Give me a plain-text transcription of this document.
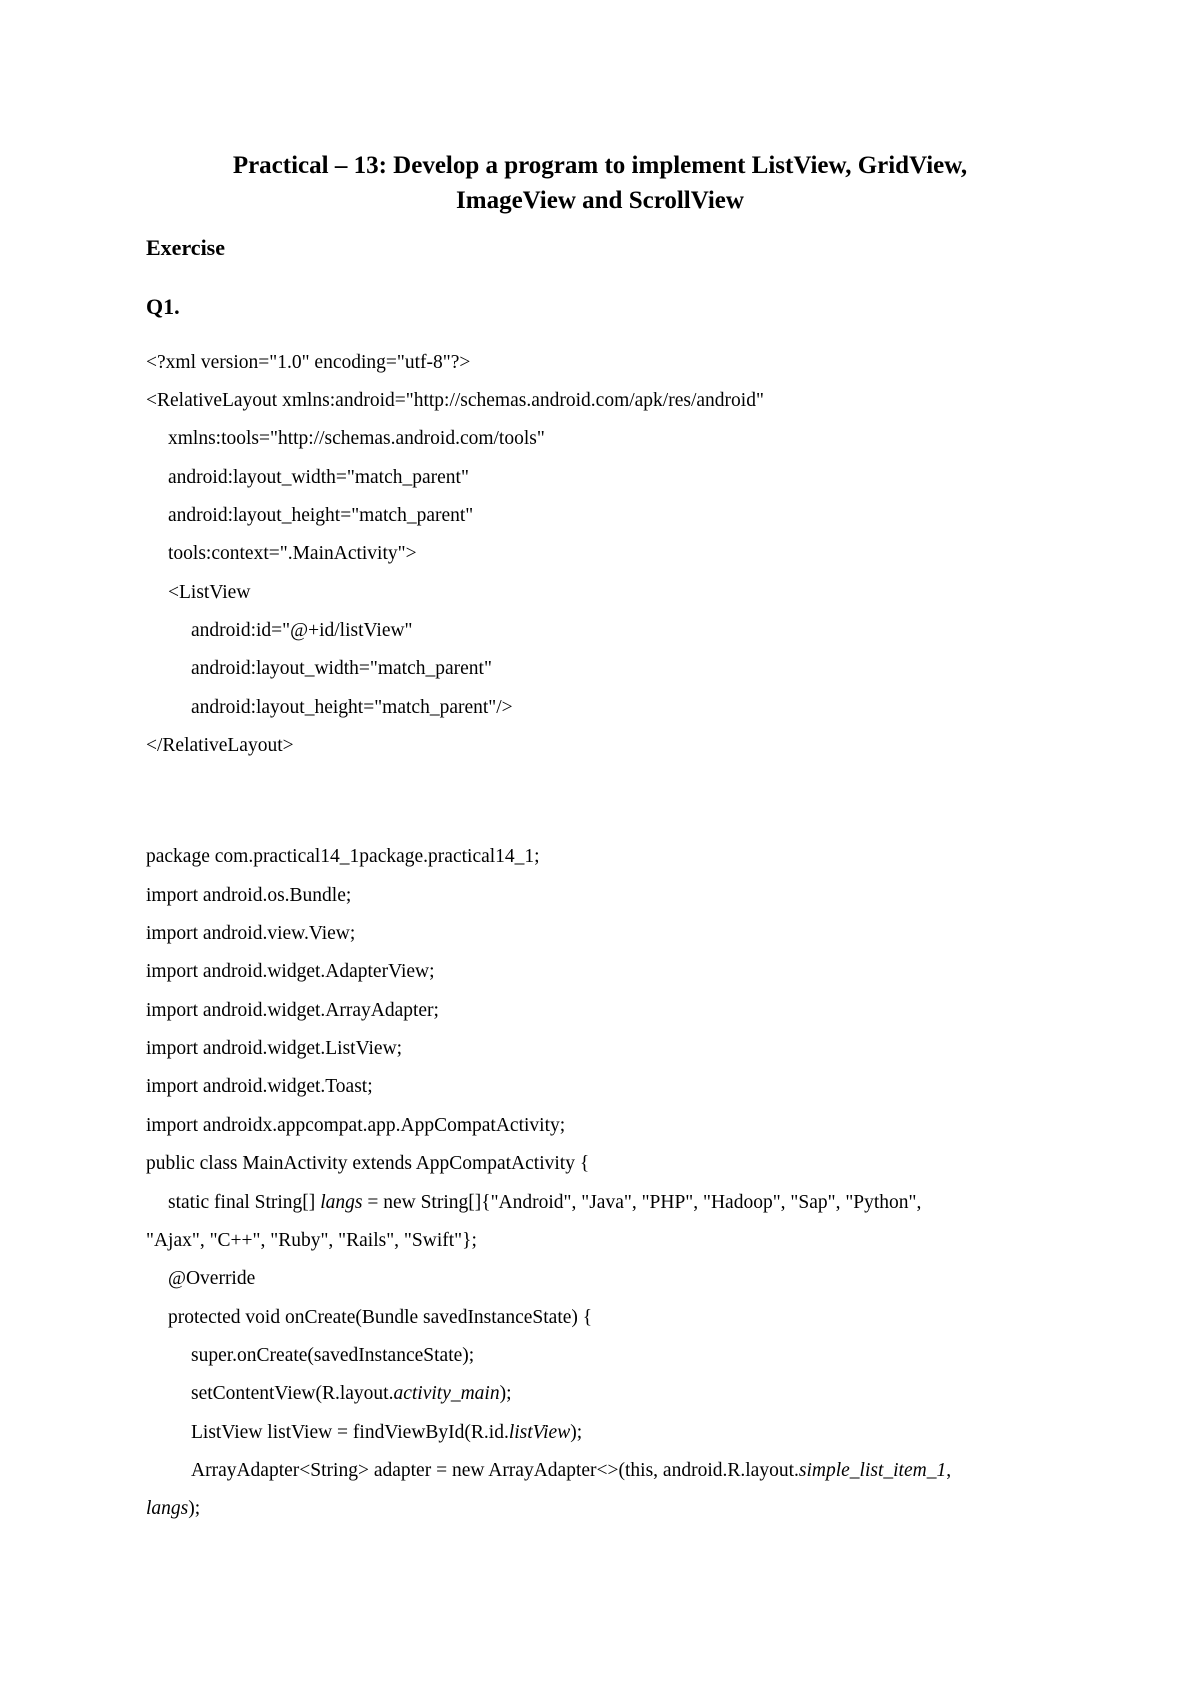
Practical – 13: Develop a program to implement ListView, GridView,
ImageView and ScrollView
Exercise
Q1.
<?xml version="1.0" encoding="utf-8"?>
<RelativeLayout xmlns:android="http://schemas.android.com/apk/res/android"
xmlns:tools="http://schemas.android.com/tools"
android:layout_width="match_parent"
android:layout_height="match_parent"
tools:context=".MainActivity">
<ListView
android:id="@+id/listView"
android:layout_width="match_parent"
android:layout_height="match_parent"/>
</RelativeLayout>
package com.practical14_1package.practical14_1;
import android.os.Bundle;
import android.view.View;
import android.widget.AdapterView;
import android.widget.ArrayAdapter;
import android.widget.ListView;
import android.widget.Toast;
import androidx.appcompat.app.AppCompatActivity;
public class MainActivity extends AppCompatActivity {
static final String[] langs = new String[]{"Android", "Java", "PHP", "Hadoop", "Sap", "Python",
"Ajax", "C++", "Ruby", "Rails", "Swift"};
@Override
protected void onCreate(Bundle savedInstanceState) {
super.onCreate(savedInstanceState);
setContentView(R.layout.activity_main);
ListView listView = findViewById(R.id.listView);
ArrayAdapter<String> adapter = new ArrayAdapter<>(this, android.R.layout.simple_list_item_1,
langs);
